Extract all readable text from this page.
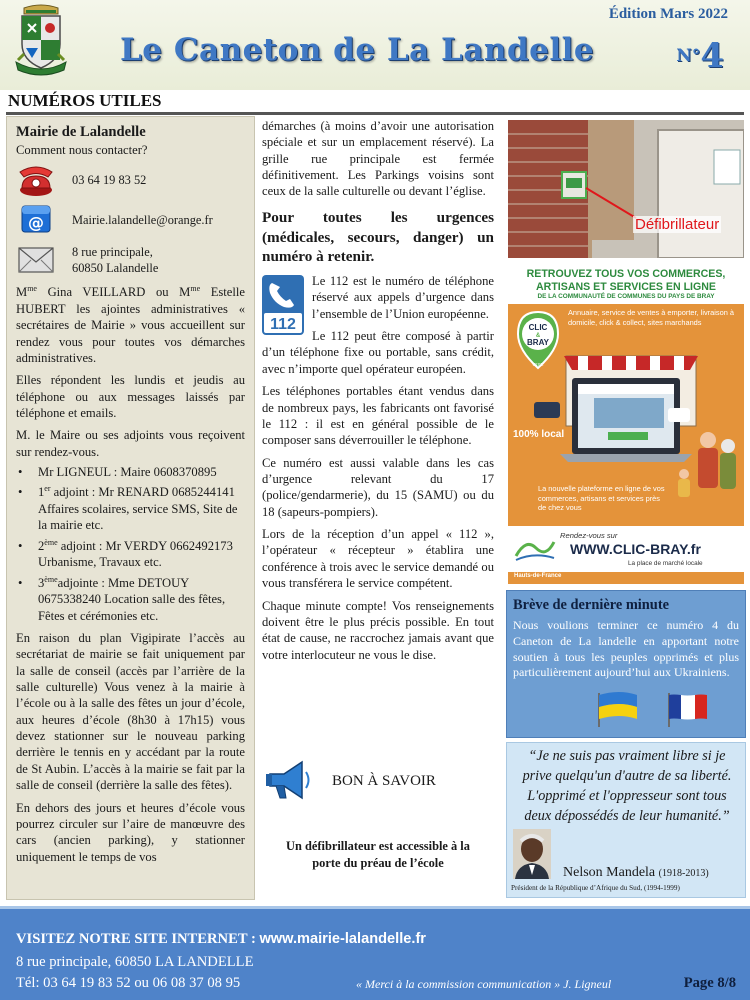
Édition Mars 2022
Le Caneton de La Landelle	N°4
NUMÉROS UTILES
Mairie de Lalandelle
Comment nous contacter?
03 64 19 83 52
@ Mairie.lalandelle@orange.fr
8 rue principale,
60850 Lalandelle

$M^{me}$ Gina VEILLARD ou $M^{me}$ Estelle HUBERT les ajointes administratives « secrétaires de Mairie » vous accueillent sur rendez vous pour toutes vos démarches administratives.

Elles répondent les lundis et jeudis au téléphone ou aux messages laissés par téléphone et emails.

M. le Maire ou ses adjoints vous reçoivent sur rendez-vous.

• Mr LIGNEUL : Maire 0608370895
• 1er adjoint : Mr RENARD 0685244141 Affaires scolaires, service SMS, Site de la mairie etc.
• 2ème adjoint : Mr VERDY 0662492173 Urbanisme, Travaux etc.
• 3èmeadjointe : Mme DETOUY 0675338240 Location salle des fêtes, Fêtes et cérémonies etc.

En raison du plan Vigipirate l’accès au secrétariat de mairie se fait uniquement par la salle de conseil (accès par l’arrière de la salle culturelle) Vous venez à la mairie à l’école ou à la salle des fêtes un jour d’école, aux heures d’école (8h30 à 17h15) vous devez stationner sur le nouveau parking derrière le tennis en y accédant par la route de St Aubin. L’accès à la mairie se fait par la salle de conseil (derrière la salle des fêtes).

En dehors des jours et heures d’école vous pourrez circuler sur l’aire de manœuvre des cars (ancien parking), y stationner uniquement le temps de vos

démarches (à moins d’avoir une autorisation spéciale et sur un emplacement réservé). La grille rue principale est fermée définitivement. Les Parkings voisins sont ceux de la salle culturelle ou devant l’église.

Pour toutes les urgences (médicales, secours, danger) un numéro à retenir.
112

Le 112 est le numéro de téléphone réservé aux appels d’urgence dans l’ensemble de l’Union européenne.

Le 112 peut être composé à partir d’un téléphone fixe ou portable, sans crédit, avec n’importe quel opérateur européen.

Les téléphones portables étant vendus dans de nombreux pays, les fabricants ont favorisé le 112 : il est en général possible de le composer sans déverrouiller le téléphone.

Ce numéro est aussi valable dans les cas d’urgence relevant du 17 (police/gendarmerie), du 15 (SAMU) ou du 18 (sapeurs-pompiers).

Lors de la réception d’un appel « 112 », l’opérateur « récepteur » établira une conférence à trois avec le service demandé ou vous transférera le service compétent.

Chaque minute compte! Vos renseignements doivent être le plus précis possible. En tout état de cause, ne raccrochez jamais avant que votre interlocuteur ne vous le dise.

BON À SAVOIR
Un défibrillateur est accessible à la
porte du préau de l’école
Défibrillateur
RETROUVEZ TOUS VOS COMMERCES, ARTISANS ET SERVICES EN LIGNE
DE LA COMMUNAUTÉ DE COMMUNES DU PAYS DE BRAY
CLIC
&
BRAY
OISE
Annuaire, service de ventes à emporter, livraison à domicile, click & collect, sites marchands
100% local
La nouvelle plateforme en ligne de vos commerces, artisans et services près de chez vous
Rendez-vous sur
WWW.CLIC-BRAY.fr
La place de marché locale
Hauts-de-France
Brève de dernière minute

Nous voulions terminer ce numéro 4 du Caneton de La landelle en apportant notre soutien à tous les peuples opprimés et plus particulièrement aujourd’hui aux Ukrainiens.

“Je ne suis pas vraiment libre si je prive quelqu'un d'autre de sa liberté. L'opprimé et l'oppresseur sont tous deux dépossédés de leur humanité.”
Nelson Mandela (1918-2013)
Président de la République d’Afrique du Sud, (1994-1999)
VISITEZ NOTRE SITE INTERNET : www.mairie-lalandelle.fr
8 rue principale, 60850 LA LANDELLE
Tél: 03 64 19 83 52 ou 06 08 37 08 95	« Merci à la commission communication » J. Ligneul	Page 8/8
